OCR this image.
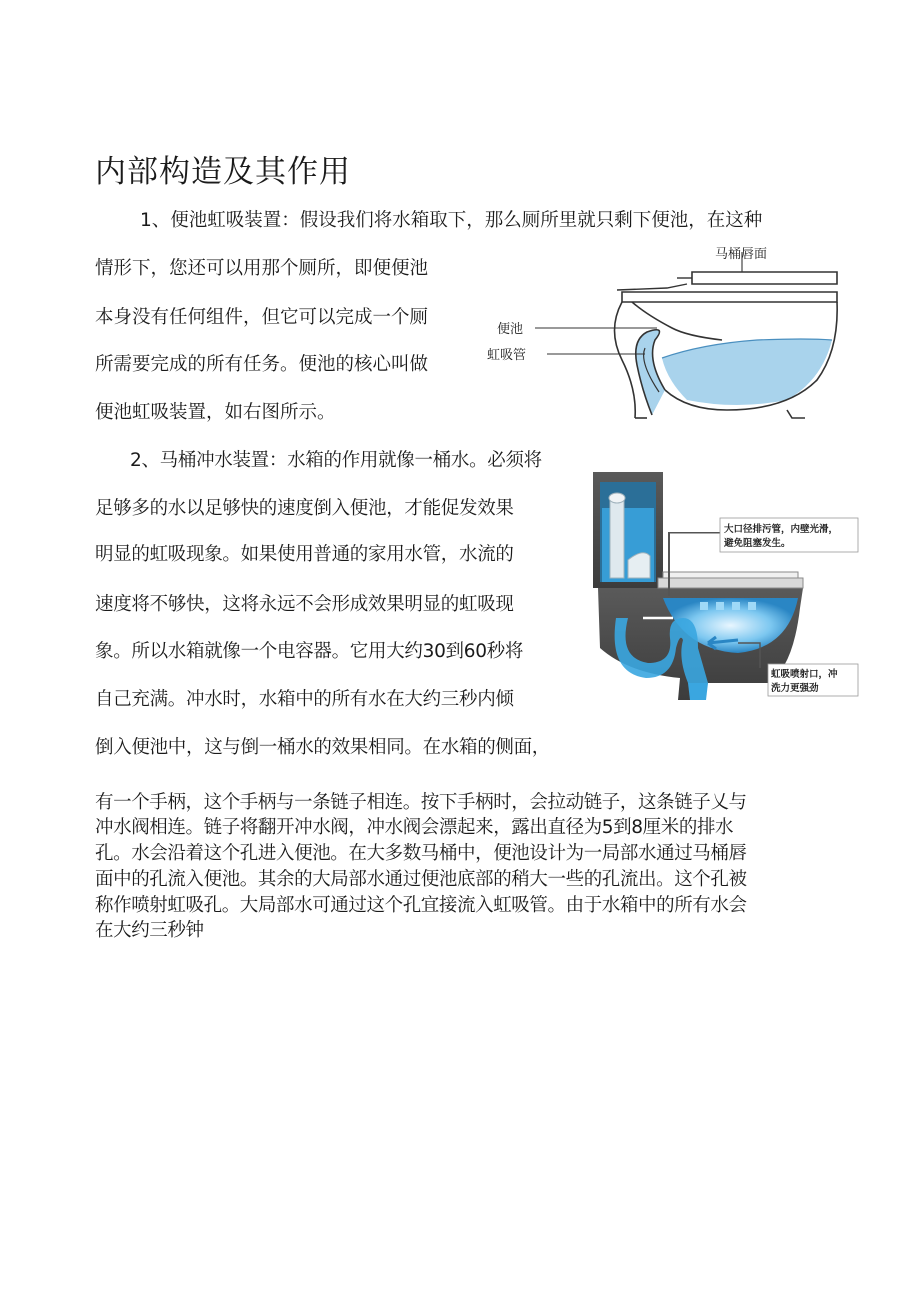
内部构造及其作用
1、便池虹吸装置：假设我们将水箱取下，那么厕所里就只剩下便池，在这种
情形下，您还可以用那个厕所，即便便池
本身没有任何组件，但它可以完成一个厕
所需要完成的所有任务。便池的核心叫做
便池虹吸装置，如右图所示。
马桶唇面
便池
虹吸管
2、马桶冲水装置：水箱的作用就像一桶水。必须将
足够多的水以足够快的速度倒入便池，才能促发效果
明显的虹吸现象。如果使用普通的家用水管，水流的
速度将不够快，这将永远不会形成效果明显的虹吸现
象。所以水箱就像一个电容器。它用大约30到60秒将
自己充满。冲水时，水箱中的所有水在大约三秒内倾
倒入便池中，这与倒一桶水的效果相同。在水箱的侧面，
大口径排污管，内壁光滑，
避免阻塞发生。
虹吸喷射口，冲
洗力更强劲
有一个手柄，这个手柄与一条链子相连。按下手柄时，会拉动链子，这条链子乂与
冲水阀相连。链子将翻开冲水阀，冲水阀会漂起来，露出直径为5到8厘米的排水
孔。水会沿着这个孔进入便池。在大多数马桶中，便池设计为一局部水通过马桶唇
面中的孔流入便池。其余的大局部水通过便池底部的稍大一些的孔流出。这个孔被
称作喷射虹吸孔。大局部水可通过这个孔宜接流入虹吸管。由于水箱中的所有水会
在大约三秒钟
